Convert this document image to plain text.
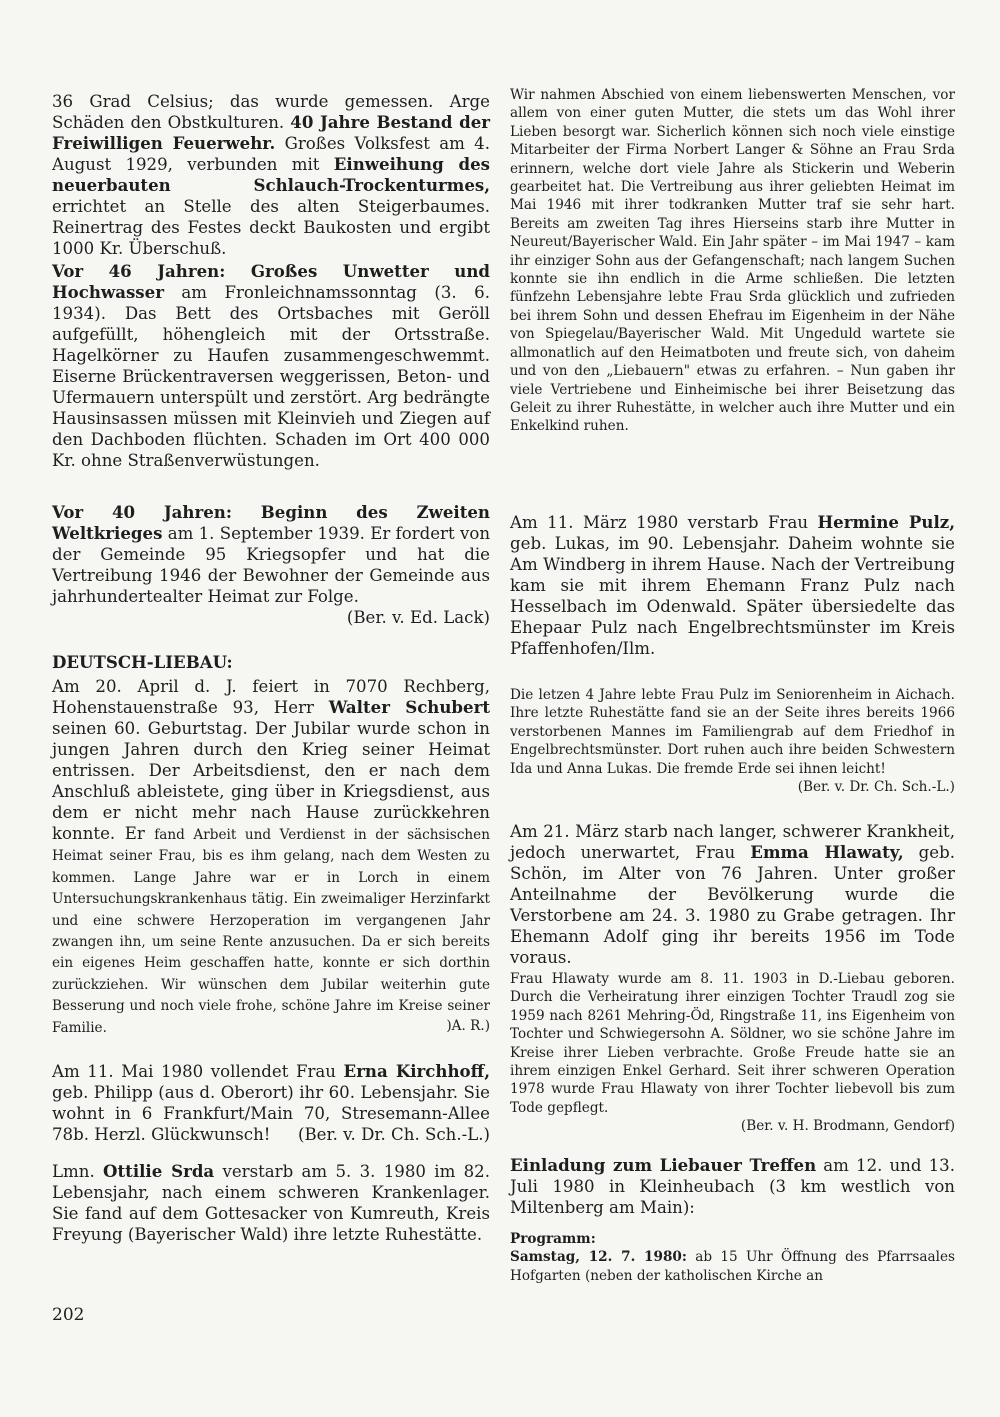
DEUTSCH-LIEBAU:
36 Grad Celsius; das wurde gemessen. Arge Schäden den Obstkulturen. 40 Jahre Bestand der Freiwilligen Feuerwehr. Großes Volksfest am 4. August 1929, verbunden mit Einweihung des neuerbauten Schlauch-Trockenturmes, errichtet an Stelle des alten Steigerbaumes. Reinertrag des Festes deckt Baukosten und ergibt 1000 Kr. Überschuß.
Vor 46 Jahren: Großes Unwetter und Hochwasser am Fronleichnamssonntag (3. 6. 1934). Das Bett des Ortsbaches mit Geröll aufgefüllt, höhengleich mit der Ortsstraße. Hagelkörner zu Haufen zusammengeschwemmt. Eiserne Brückentraversen weggerissen, Beton- und Ufermauern unterspült und zerstört. Arg bedrängte Hausinsassen müssen mit Kleinvieh und Ziegen auf den Dachboden flüchten. Schaden im Ort 400 000 Kr. ohne Straßenverwüstungen.
Vor 40 Jahren: Beginn des Zweiten Weltkrieges am 1. September 1939. Er fordert von der Gemeinde 95 Kriegsopfer und hat die Vertreibung 1946 der Bewohner der Gemeinde aus jahrhundertealter Heimat zur Folge.
(Ber. v. Ed. Lack)
Am 20. April d. J. feiert in 7070 Rechberg, Hohenstauenstraße 93, Herr Walter Schubert seinen 60. Geburtstag. Der Jubilar wurde schon in jungen Jahren durch den Krieg seiner Heimat entrissen. Der Arbeitsdienst, den er nach dem Anschluß ableistete, ging über in Kriegsdienst, aus dem er nicht mehr nach Hause zurückkehren konnte. Er fand Arbeit und Verdienst in der sächsischen Heimat seiner Frau, bis es ihm gelang, nach dem Westen zu kommen. Lange Jahre war er in Lorch in einem Untersuchungskrankenhaus tätig. Ein zweimaliger Herzinfarkt und eine schwere Herzoperation im vergangenen Jahr zwangen ihn, um seine Rente anzusuchen. Da er sich bereits ein eigenes Heim geschaffen hatte, konnte er sich dorthin zurückziehen. Wir wünschen dem Jubilar weiterhin gute Besserung und noch viele frohe, schöne Jahre im Kreise seiner Familie.	)A. R.)
Am 11. Mai 1980 vollendet Frau Erna Kirchhoff, geb. Philipp (aus d. Oberort) ihr 60. Lebensjahr. Sie wohnt in 6 Frankfurt/Main 70, Stresemann-Allee 78b. Herzl. Glückwunsch! (Ber. v. Dr. Ch. Sch.-L.)
Lmn. Ottilie Srda verstarb am 5. 3. 1980 im 82. Lebensjahr, nach einem schweren Krankenlager. Sie fand auf dem Gottesacker von Kumreuth, Kreis Freyung (Bayerischer Wald) ihre letzte Ruhestätte.
Wir nahmen Abschied von einem liebenswerten Menschen, vor allem von einer guten Mutter, die stets um das Wohl ihrer Lieben besorgt war. Sicherlich können sich noch viele einstige Mitarbeiter der Firma Norbert Langer & Söhne an Frau Srda erinnern, welche dort viele Jahre als Stickerin und Weberin gearbeitet hat. Die Vertreibung aus ihrer geliebten Heimat im Mai 1946 mit ihrer todkranken Mutter traf sie sehr hart. Bereits am zweiten Tag ihres Hierseins starb ihre Mutter in Neureut/Bayerischer Wald. Ein Jahr später – im Mai 1947 – kam ihr einziger Sohn aus der Gefangenschaft; nach langem Suchen konnte sie ihn endlich in die Arme schließen. Die letzten fünfzehn Lebensjahre lebte Frau Srda glücklich und zufrieden bei ihrem Sohn und dessen Ehefrau im Eigenheim in der Nähe von Spiegelau/Bayerischer Wald. Mit Ungeduld wartete sie allmonatlich auf den Heimatboten und freute sich, von daheim und von den „Liebauern" etwas zu erfahren. – Nun gaben ihr viele Vertriebene und Einheimische bei ihrer Beisetzung das Geleit zu ihrer Ruhestätte, in welcher auch ihre Mutter und ein Enkelkind ruhen.
Am 11. März 1980 verstarb Frau Hermine Pulz, geb. Lukas, im 90. Lebensjahr. Daheim wohnte sie Am Windberg in ihrem Hause. Nach der Vertreibung kam sie mit ihrem Ehemann Franz Pulz nach Hesselbach im Odenwald. Später übersiedelte das Ehepaar Pulz nach Engelbrechtsmünster im Kreis Pfaffenhofen/Ilm.
Die letzen 4 Jahre lebte Frau Pulz im Seniorenheim in Aichach. Ihre letzte Ruhestätte fand sie an der Seite ihres bereits 1966 verstorbenen Mannes im Familiengrab auf dem Friedhof in Engelbrechtsmünster. Dort ruhen auch ihre beiden Schwestern Ida und Anna Lukas. Die fremde Erde sei ihnen leicht!
(Ber. v. Dr. Ch. Sch.-L.)
Am 21. März starb nach langer, schwerer Krankheit, jedoch unerwartet, Frau Emma Hlawaty, geb. Schön, im Alter von 76 Jahren. Unter großer Anteilnahme der Bevölkerung wurde die Verstorbene am 24. 3. 1980 zu Grabe getragen. Ihr Ehemann Adolf ging ihr bereits 1956 im Tode voraus.
Frau Hlawaty wurde am 8. 11. 1903 in D.-Liebau geboren. Durch die Verheiratung ihrer einzigen Tochter Traudl zog sie 1959 nach 8261 Mehring-Öd, Ringstraße 11, ins Eigenheim von Tochter und Schwiegersohn A. Söldner, wo sie schöne Jahre im Kreise ihrer Lieben verbrachte. Große Freude hatte sie an ihrem einzigen Enkel Gerhard. Seit ihrer schweren Operation 1978 wurde Frau Hlawaty von ihrer Tochter liebevoll bis zum Tode gepflegt.
(Ber. v. H. Brodmann, Gendorf)
Einladung zum Liebauer Treffen am 12. und 13. Juli 1980 in Kleinheubach (3 km westlich von Miltenberg am Main):
Programm:
Samstag, 12. 7. 1980: ab 15 Uhr Öffnung des Pfarrsaales Hofgarten (neben der katholischen Kirche an
202
